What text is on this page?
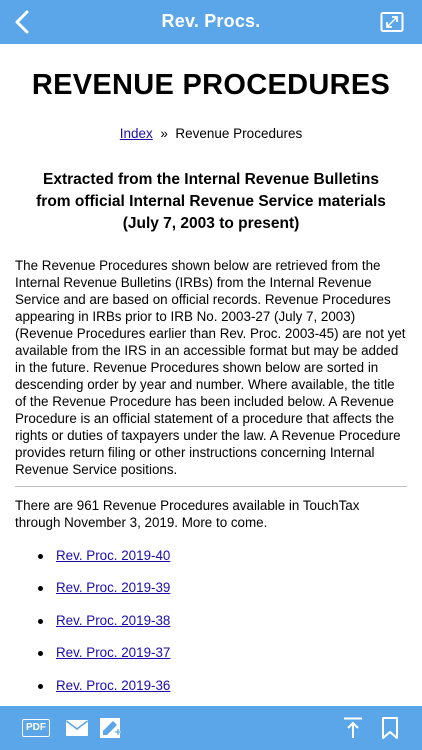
Rev. Procs.
REVENUE PROCEDURES
Index » Revenue Procedures
Extracted from the Internal Revenue Bulletins
from official Internal Revenue Service materials
(July 7, 2003 to present)
The Revenue Procedures shown below are retrieved from the Internal Revenue Bulletins (IRBs) from the Internal Revenue Service and are based on official records. Revenue Procedures appearing in IRBs prior to IRB No. 2003-27 (July 7, 2003) (Revenue Procedures earlier than Rev. Proc. 2003-45) are not yet available from the IRS in an accessible format but may be added in the future. Revenue Procedures shown below are sorted in descending order by year and number. Where available, the title of the Revenue Procedure has been included below. A Revenue Procedure is an official statement of a procedure that affects the rights or duties of taxpayers under the law. A Revenue Procedure provides return filing or other instructions concerning Internal Revenue Service positions.
There are 961 Revenue Procedures available in TouchTax through November 3, 2019. More to come.
Rev. Proc. 2019-40
Rev. Proc. 2019-39
Rev. Proc. 2019-38
Rev. Proc. 2019-37
Rev. Proc. 2019-36
PDF
